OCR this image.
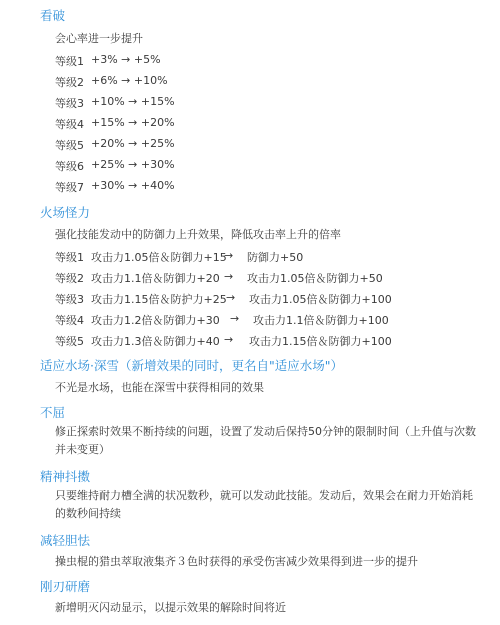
看破
会心率进一步提升
等级1 +3% → +5%
等级2 +6% → +10%
等级3 +10% → +15%
等级4 +15% → +20%
等级5 +20% → +25%
等级6 +25% → +30%
等级7 +30% → +40%
火场怪力
强化技能发动中的防御力上升效果，降低攻击率上升的倍率
等级1 攻击力1.05倍＆防御力+15
→ 防御力+50
等级2 攻击力1.1倍＆防御力+20 → 攻击力1.05倍＆防御力+50
等级3 攻击力1.15倍＆防护力+25 → 攻击力1.05倍＆防御力+100
等级4 攻击力1.2倍＆防御力+30 → 攻击力1.1倍＆防御力+100
等级5 攻击力1.3倍＆防御力+40 → 攻击力1.15倍＆防御力+100
适应水场·深雪（新增效果的同时，更名自"适应水场"）
不光是水场，也能在深雪中获得相同的效果
不屈
修正探索时效果不断持续的问题，设置了发动后保持50分钟的限制时间（上升值与次数并未变更）
精神抖擞
只要维持耐力槽全满的状况数秒，就可以发动此技能。发动后，效果会在耐力开始消耗的数秒间持续
减轻胆怯
操虫棍的猎虫萃取液集齐３色时获得的承受伤害减少效果得到进一步的提升
刚刃研磨
新增明灭闪动显示，以提示效果的解除时间将近
